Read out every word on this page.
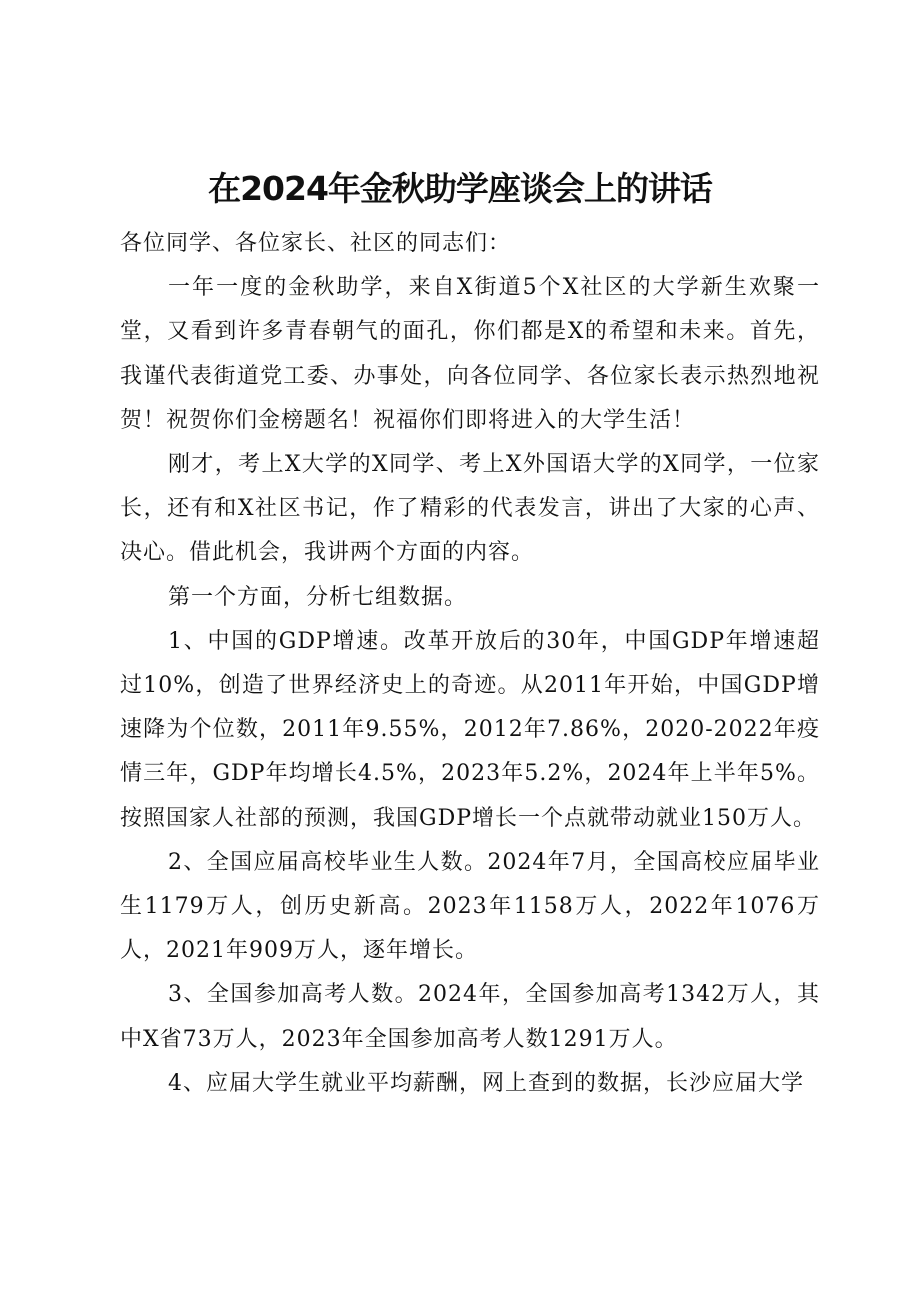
在2024年金秋助学座谈会上的讲话

各位同学、各位家长、社区的同志们：

一年一度的金秋助学，来自X街道5个X社区的大学新生欢聚一堂，又看到许多青春朝气的面孔，你们都是X的希望和未来。首先，我谨代表街道党工委、办事处，向各位同学、各位家长表示热烈地祝贺！祝贺你们金榜题名！祝福你们即将进入的大学生活！

刚才，考上X大学的X同学、考上X外国语大学的X同学，一位家长，还有和X社区书记，作了精彩的代表发言，讲出了大家的心声、决心。借此机会，我讲两个方面的内容。

第一个方面，分析七组数据。

1、中国的GDP增速。改革开放后的30年，中国GDP年增速超过10%，创造了世界经济史上的奇迹。从2011年开始，中国GDP增速降为个位数，2011年9.55%，2012年7.86%，2020-2022年疫情三年，GDP年均增长4.5%，2023年5.2%，2024年上半年5%。按照国家人社部的预测，我国GDP增长一个点就带动就业150万人。

2、全国应届高校毕业生人数。2024年7月，全国高校应届毕业生1179万人，创历史新高。2023年1158万人，2022年1076万人，2021年909万人，逐年增长。

3、全国参加高考人数。2024年，全国参加高考1342万人，其中X省73万人，2023年全国参加高考人数1291万人。

4、应届大学生就业平均薪酬，网上查到的数据，长沙应届大学
